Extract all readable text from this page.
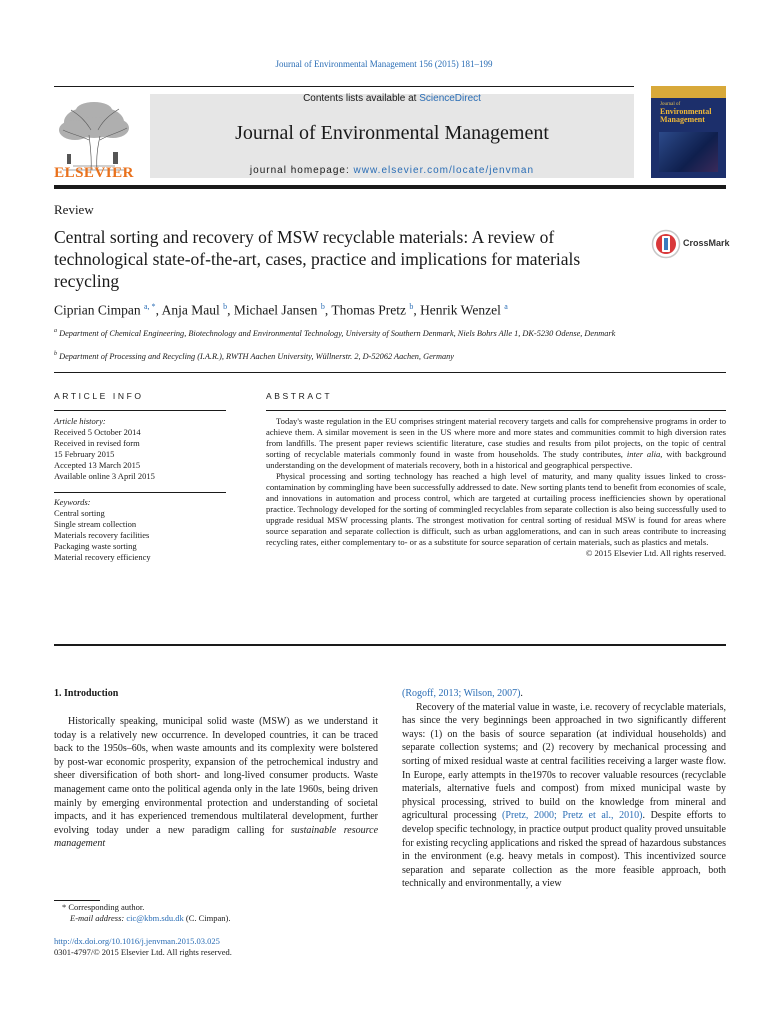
Journal of Environmental Management 156 (2015) 181–199
ELSEVIER
Contents lists available at ScienceDirect
Journal of Environmental Management
journal homepage: www.elsevier.com/locate/jenvman
Journal of
Environmental Management
Review
Central sorting and recovery of MSW recyclable materials: A review of technological state-of-the-art, cases, practice and implications for materials recycling
CrossMark
Ciprian Cimpan $^{a, *}$, Anja Maul $^b$, Michael Jansen $^b$, Thomas Pretz $^b$, Henrik Wenzel $^a$
$^a$ Department of Chemical Engineering, Biotechnology and Environmental Technology, University of Southern Denmark, Niels Bohrs Alle 1, DK-5230 Odense, Denmark
$^b$ Department of Processing and Recycling (I.A.R.), RWTH Aachen University, Wüllnerstr. 2, D-52062 Aachen, Germany
ARTICLE INFO	ABSTRACT
Article history:
Received 5 October 2014
Received in revised form
15 February 2015
Accepted 13 March 2015
Available online 3 April 2015
Keywords:
Central sorting
Single stream collection
Materials recovery facilities
Packaging waste sorting
Material recovery efficiency

Today's waste regulation in the EU comprises stringent material recovery targets and calls for comprehensive programs in order to achieve them. A similar movement is seen in the US where more and more states and communities commit to high diversion rates from landfills. The present paper reviews scientific literature, case studies and results from pilot projects, on the topic of central sorting of recyclable materials commonly found in waste from households. The study contributes, inter alia, with background understanding on the development of materials recovery, both in a historical and geographical perspective.

Physical processing and sorting technology has reached a high level of maturity, and many quality issues linked to cross-contamination by commingling have been successfully addressed to date. New sorting plants tend to benefit from economies of scale, and innovations in automation and process control, which are targeted at curtailing process inefficiencies shown by operational practice. Technology developed for the sorting of commingled recyclables from separate collection is also being successfully used to upgrade residual MSW processing plants. The strongest motivation for central sorting of residual MSW is found for areas where source separation and separate collection is difficult, such as urban agglomerations, and can in such areas contribute to increasing recycling rates, either complementary to- or as a substitute for source separation of certain materials, such as plastics and metals.

© 2015 Elsevier Ltd. All rights reserved.

1. Introduction

Historically speaking, municipal solid waste (MSW) as we understand it today is a relatively new occurrence. In developed countries, it can be traced back to the 1950s–60s, when waste amounts and its complexity were bolstered by post-war economic prosperity, expansion of the petrochemical industry and sheer diversification of both short- and long-lived consumer products. Waste management came onto the political agenda only in the late 1960s, being driven mainly by emerging environmental protection and understanding of societal impacts, and it has experienced tremendous multilateral development, further evolving today under a new paradigm calling for sustainable resource management

(Rogoff, 2013; Wilson, 2007).

Recovery of the material value in waste, i.e. recovery of recyclable materials, has since the very beginnings been approached in two significantly different ways: (1) on the basis of source separation (at individual households) and separate collection systems; and (2) recovery by mechanical processing and sorting of mixed residual waste at central facilities receiving a larger waste flow. In Europe, early attempts in the1970s to recover valuable resources (recyclable materials, alternative fuels and compost) from mixed municipal waste by physical processing, strived to build on the knowledge from mineral and agricultural processing (Pretz, 2000; Pretz et al., 2010). Despite efforts to develop specific technology, in practice output product quality proved unsuitable for existing recycling applications and risked the spread of hazardous substances in the environment (e.g. heavy metals in compost). This incentivized source separation and separate collection as the more feasible approach, both technically and environmentally, a view

* Corresponding author.
E-mail address: cic@kbm.sdu.dk (C. Cimpan).
http://dx.doi.org/10.1016/j.jenvman.2015.03.025
0301-4797/© 2015 Elsevier Ltd. All rights reserved.
